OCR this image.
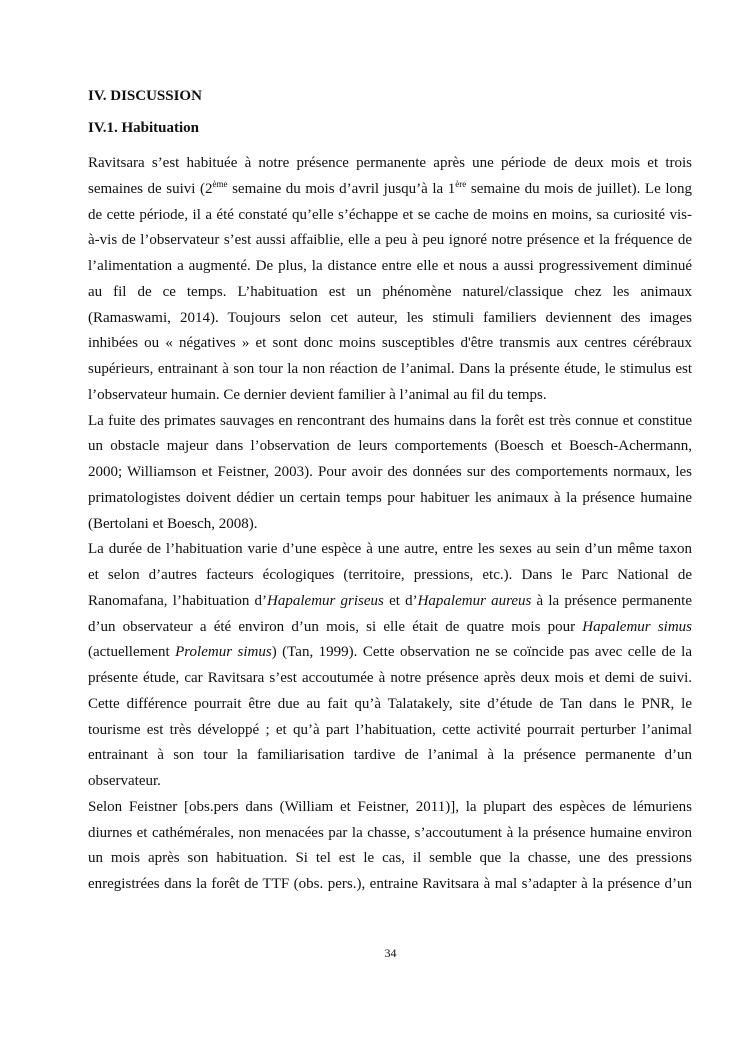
IV. DISCUSSION
IV.1. Habituation
Ravitsara s’est habituée à notre présence permanente après une période de deux mois et trois
semaines de suivi (2ème semaine du mois d’avril jusqu’à la 1ère semaine du mois de juillet). Le long
de cette période, il a été constaté qu’elle s’échappe et se cache de moins en moins, sa curiosité vis-
à-vis de l’observateur s’est aussi affaiblie, elle a peu à peu ignoré notre présence et la fréquence de
l’alimentation a augmenté. De plus, la distance entre elle et nous a aussi progressivement diminué
au fil de ce temps. L’habituation est un phénomène naturel/classique chez les animaux
(Ramaswami, 2014). Toujours selon cet auteur, les stimuli familiers deviennent des images
inhibées ou « négatives » et sont donc moins susceptibles d'être transmis aux centres cérébraux
supérieurs, entrainant à son tour la non réaction de l’animal. Dans la présente étude, le stimulus est
l’observateur humain. Ce dernier devient familier à l’animal au fil du temps.
La fuite des primates sauvages en rencontrant des humains dans la forêt est très connue et constitue
un obstacle majeur dans l’observation de leurs comportements (Boesch et Boesch-Achermann,
2000; Williamson et Feistner, 2003). Pour avoir des données sur des comportements normaux, les
primatologistes doivent dédier un certain temps pour habituer les animaux à la présence humaine
(Bertolani et Boesch, 2008).
La durée de l’habituation varie d’une espèce à une autre, entre les sexes au sein d’un même taxon
et selon d’autres facteurs écologiques (territoire, pressions, etc.). Dans le Parc National de
Ranomafana, l’habituation d’Hapalemur griseus et d’Hapalemur aureus à la présence permanente
d’un observateur a été environ d’un mois, si elle était de quatre mois pour Hapalemur simus
(actuellement Prolemur simus) (Tan, 1999). Cette observation ne se coïncide pas avec celle de la
présente étude, car Ravitsara s’est accoutumée à notre présence après deux mois et demi de suivi.
Cette différence pourrait être due au fait qu’à Talatakely, site d’étude de Tan dans le PNR, le
tourisme est très développé ; et qu’à part l’habituation, cette activité pourrait perturber l’animal
entrainant à son tour la familiarisation tardive de l’animal à la présence permanente d’un
observateur.
Selon Feistner [obs.pers dans (William et Feistner, 2011)], la plupart des espèces de lémuriens
diurnes et cathémérales, non menacées par la chasse, s’accoutument à la présence humaine environ
un mois après son habituation. Si tel est le cas, il semble que la chasse, une des pressions
enregistrées dans la forêt de TTF (obs. pers.), entraine Ravitsara à mal s’adapter à la présence d’un
34
